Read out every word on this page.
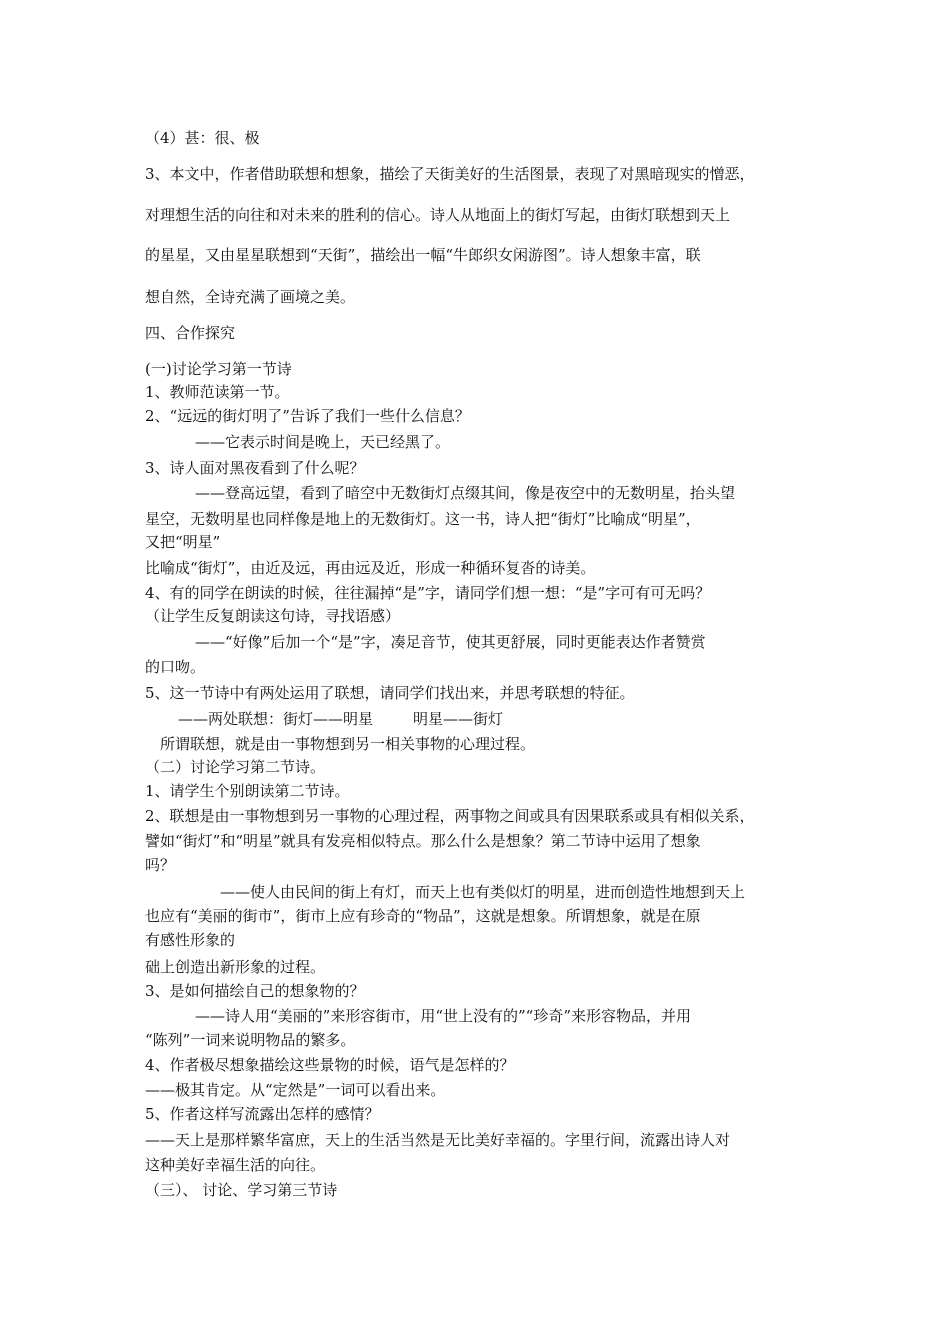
（4）甚：很、极
3、本文中，作者借助联想和想象，描绘了天街美好的生活图景，表现了对黑暗现实的憎恶，
对理想生活的向往和对未来的胜利的信心。诗人从地面上的街灯写起，由街灯联想到天上
的星星，又由星星联想到“天街”，描绘出一幅“牛郎织女闲游图”。诗人想象丰富，联
想自然，全诗充满了画境之美。
四、合作探究
(一)讨论学习第一节诗
1、教师范读第一节。
2、“远远的街灯明了”告诉了我们一些什么信息？
——它表示时间是晚上，天已经黑了。
3、诗人面对黑夜看到了什么呢？
——登高远望，看到了暗空中无数街灯点缀其间，像是夜空中的无数明星，抬头望
星空，无数明星也同样像是地上的无数街灯。这一书，诗人把“街灯”比喻成“明星”，
又把“明星”
比喻成“街灯”，由近及远，再由远及近，形成一种循环复沓的诗美。
4、有的同学在朗读的时候，往往漏掉“是”字，请同学们想一想：“是”字可有可无吗？
（让学生反复朗读这句诗，寻找语感）
——“好像”后加一个“是”字，凑足音节，使其更舒展，同时更能表达作者赞赏
的口吻。
5、这一节诗中有两处运用了联想，请同学们找出来，并思考联想的特征。
——两处联想：街灯——明星	明星——街灯
所谓联想，就是由一事物想到另一相关事物的心理过程。
（二）讨论学习第二节诗。
1、请学生个别朗读第二节诗。
2、联想是由一事物想到另一事物的心理过程，两事物之间或具有因果联系或具有相似关系，
譬如“街灯”和“明星”就具有发亮相似特点。那么什么是想象？第二节诗中运用了想象
吗？
——使人由民间的街上有灯，而天上也有类似灯的明星，进而创造性地想到天上
也应有“美丽的街市”，街市上应有珍奇的“物品”，这就是想象。所谓想象，就是在原
有感性形象的
础上创造出新形象的过程。
3、是如何描绘自己的想象物的？
——诗人用“美丽的”来形容街市，用“世上没有的”“珍奇”来形容物品，并用
“陈列”一词来说明物品的繁多。
4、作者极尽想象描绘这些景物的时候，语气是怎样的？
——极其肯定。从“定然是”一词可以看出来。
5、作者这样写流露出怎样的感情？
——天上是那样繁华富庶，天上的生活当然是无比美好幸福的。字里行间，流露出诗人对
这种美好幸福生活的向往。
（三）、 讨论、学习第三节诗
